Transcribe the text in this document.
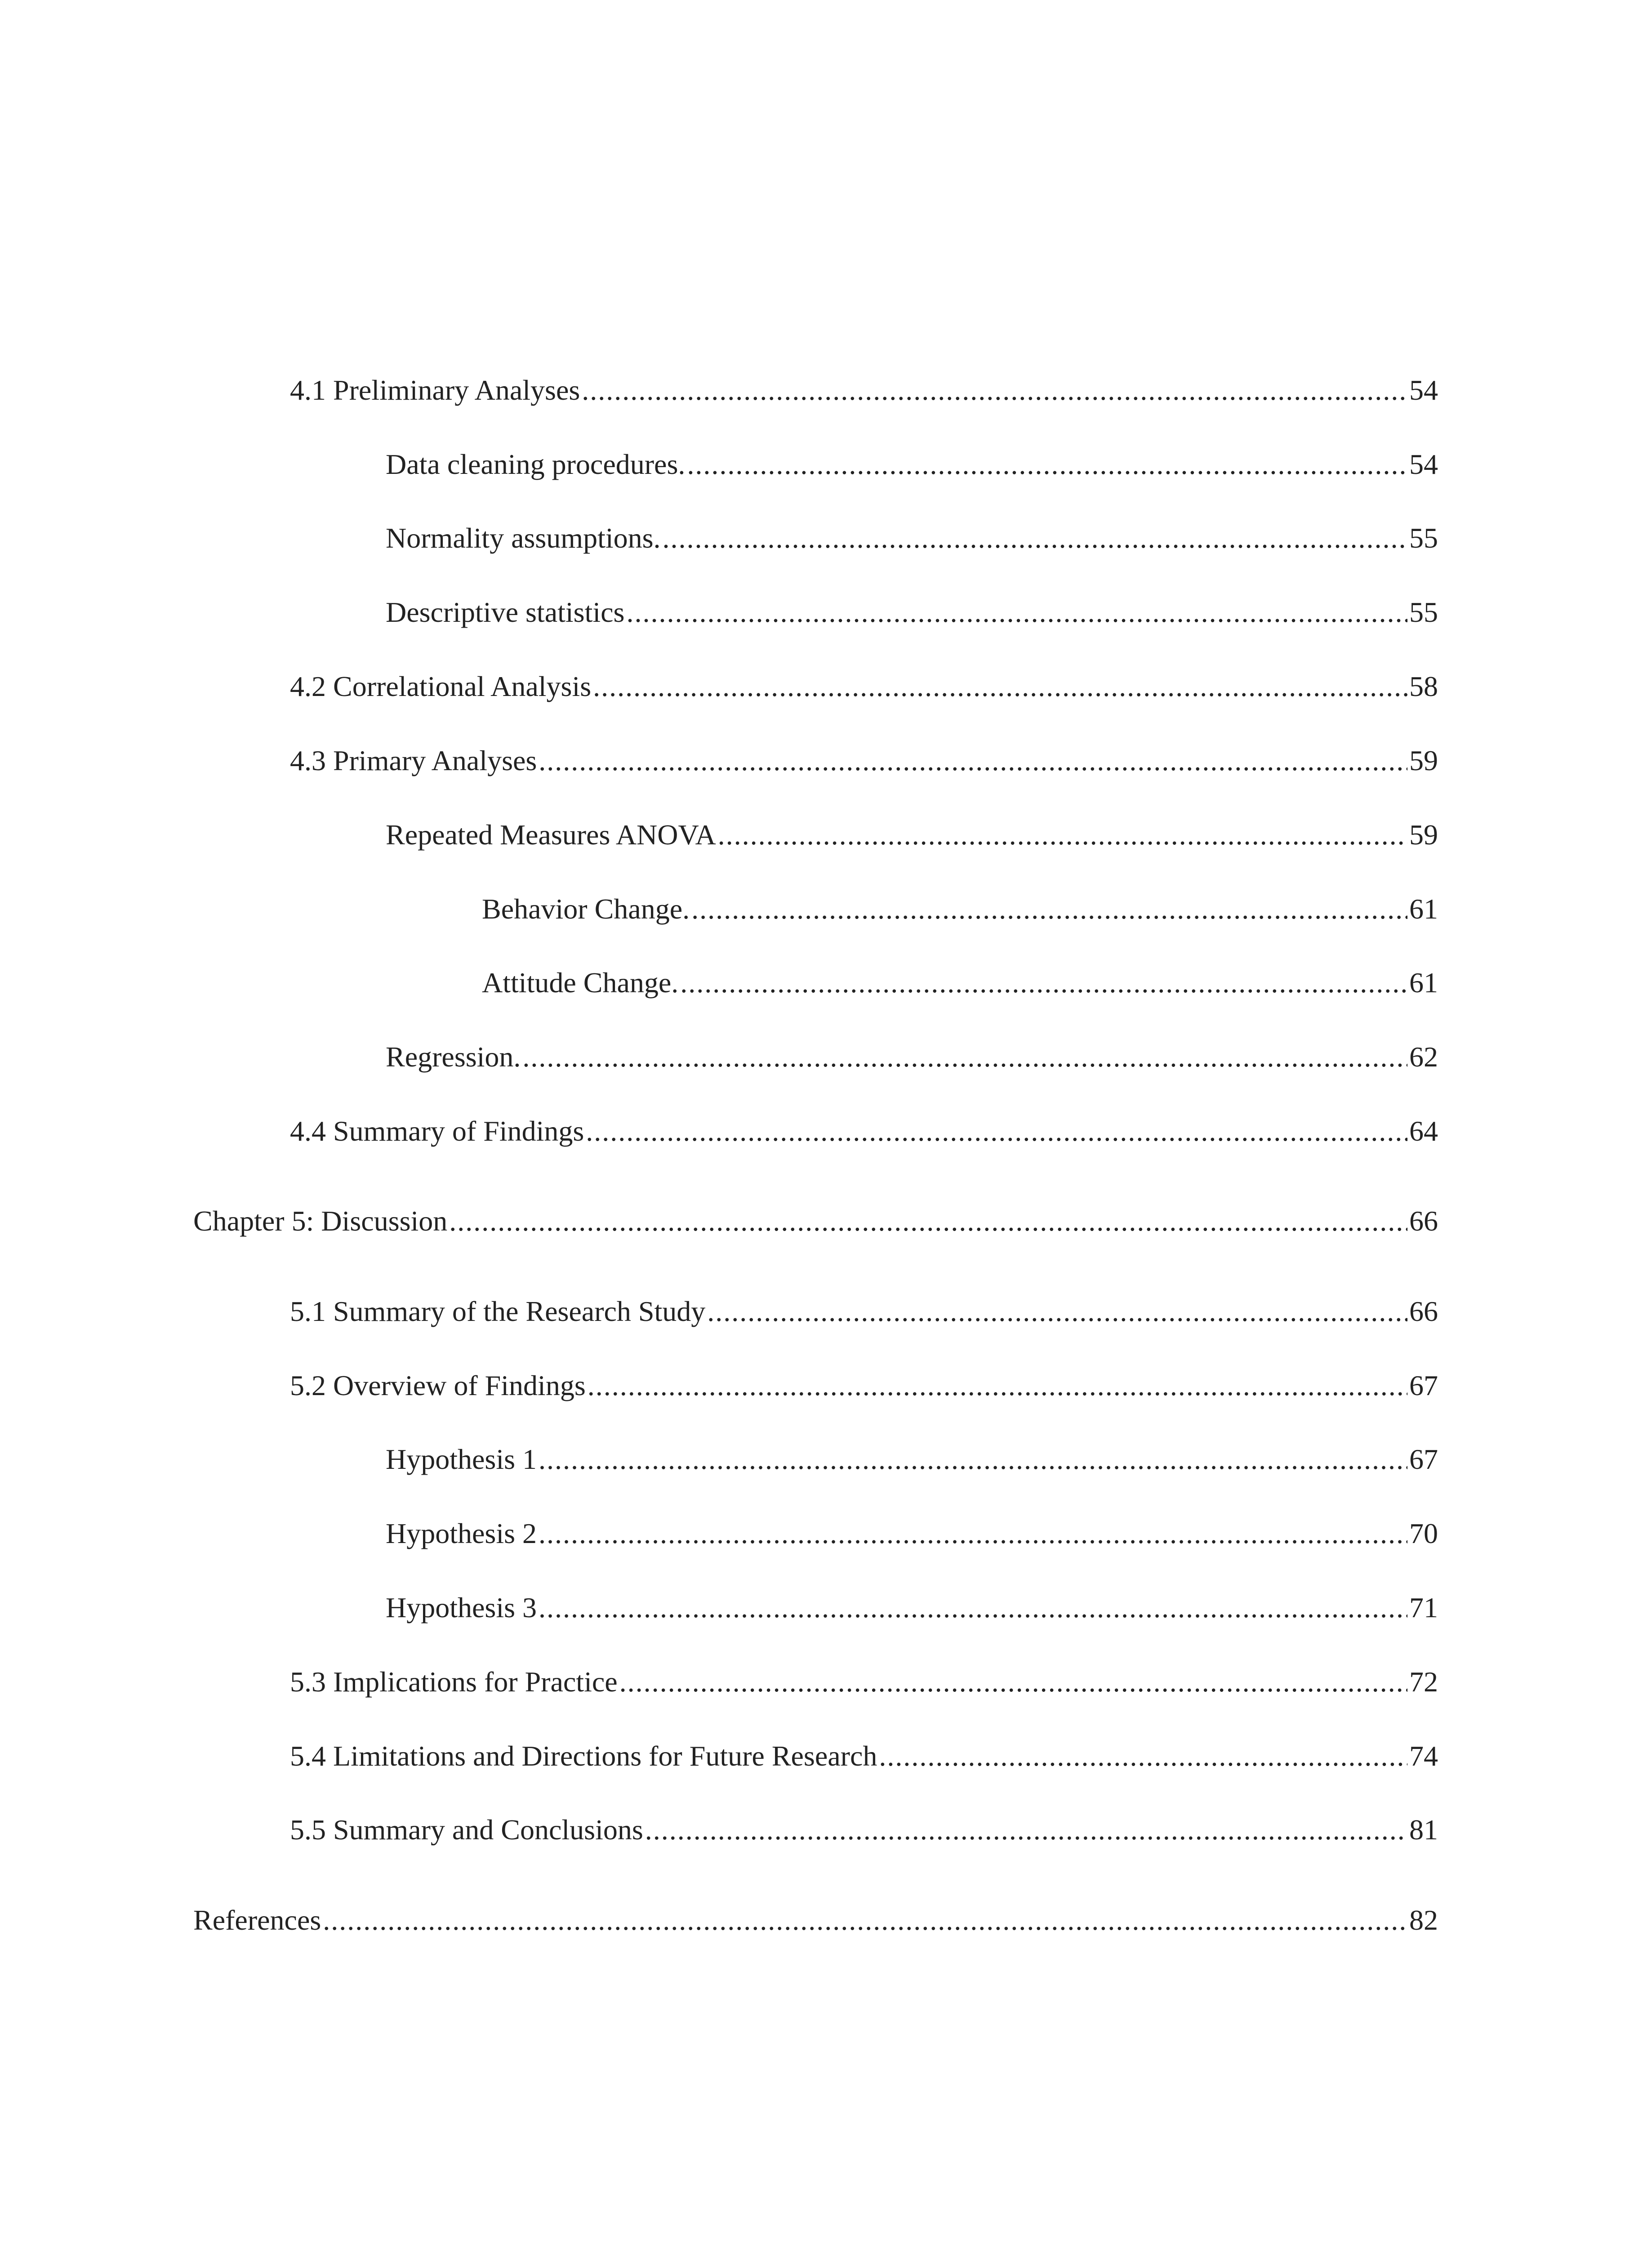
4.1 Preliminary Analyses .....	54
Data cleaning procedures. .....	54
Normality assumptions. .....	55
Descriptive statistics .....	55
4.2 Correlational Analysis .....	58
4.3 Primary Analyses .....	59
Repeated Measures ANOVA .....	59
Behavior Change. .....	61
Attitude Change. .....	61
Regression. .....	62
4.4 Summary of Findings .....	64
Chapter 5: Discussion .....	66
5.1 Summary of the Research Study .....	66
5.2 Overview of Findings .....	67
Hypothesis 1 .....	67
Hypothesis 2 .....	70
Hypothesis 3 .....	71
5.3 Implications for Practice .....	72
5.4 Limitations and Directions for Future Research .....	74
5.5 Summary and Conclusions .....	81
References .....	82
